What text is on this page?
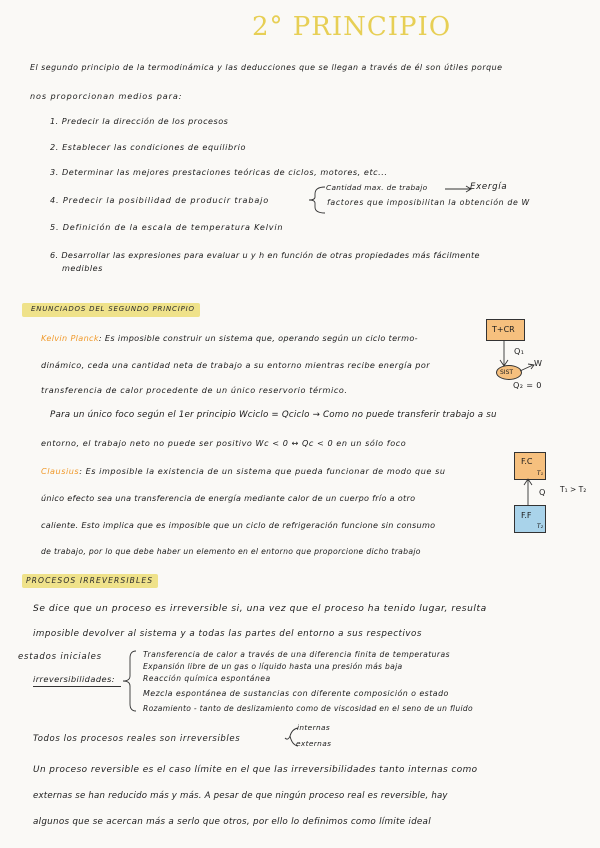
2° PRINCIPIO
El segundo principio de la termodinámica y las deducciones que se llegan a través de él son útiles porque
nos proporcionan medios para:
1. Predecir la dirección de los procesos
2. Establecer las condiciones de equilibrio
3. Determinar las mejores prestaciones teóricas de ciclos, motores, etc...
4. Predecir la posibilidad de producir trabajo
Cantidad max. de trabajo	Exergía
factores que imposibilitan la obtención de W
5. Definición de la escala de temperatura Kelvin
6. Desarrollar las expresiones para evaluar u y h en función de otras propiedades más fácilmente
medibles
ENUNCIADOS DEL SEGUNDO PRINCIPIO
Kelvin Planck: Es imposible construir un sistema que, operando según un ciclo termo-
dinámico, ceda una cantidad neta de trabajo a su entorno mientras recibe energía por
transferencia de calor procedente de un único reservorio térmico.
T+CR
Q₁
SIST
W
Q₂ = 0
Para un único foco según el 1er principio Wciclo = Qciclo → Como no puede transferir trabajo a su
entorno, el trabajo neto no puede ser positivo Wc < 0 ↔ Qc < 0 en un sólo foco
Clausius: Es imposible la existencia de un sistema que pueda funcionar de modo que su
único efecto sea una transferencia de energía mediante calor de un cuerpo frío a otro
caliente. Esto implica que es imposible que un ciclo de refrigeración funcione sin consumo
de trabajo, por lo que debe haber un elemento en el entorno que proporcione dicho trabajo
F.C
T₁
Q
F.F
T₂
T₁ > T₂
PROCESOS IRREVERSIBLES
Se dice que un proceso es irreversible si, una vez que el proceso ha tenido lugar, resulta
imposible devolver al sistema y a todas las partes del entorno a sus respectivos
estados iniciales
irreversibilidades:
Transferencia de calor a través de una diferencia finita de temperaturas
Expansión libre de un gas o líquido hasta una presión más baja
Reacción química espontánea
Mezcla espontánea de sustancias con diferente composición o estado
Rozamiento - tanto de deslizamiento como de viscosidad en el seno de un fluido
Todos los procesos reales son irreversibles
internas
externas
Un proceso reversible es el caso límite en el que las irreversibilidades tanto internas como
externas se han reducido más y más. A pesar de que ningún proceso real es reversible, hay
algunos que se acercan más a serlo que otros, por ello lo definimos como límite ideal
